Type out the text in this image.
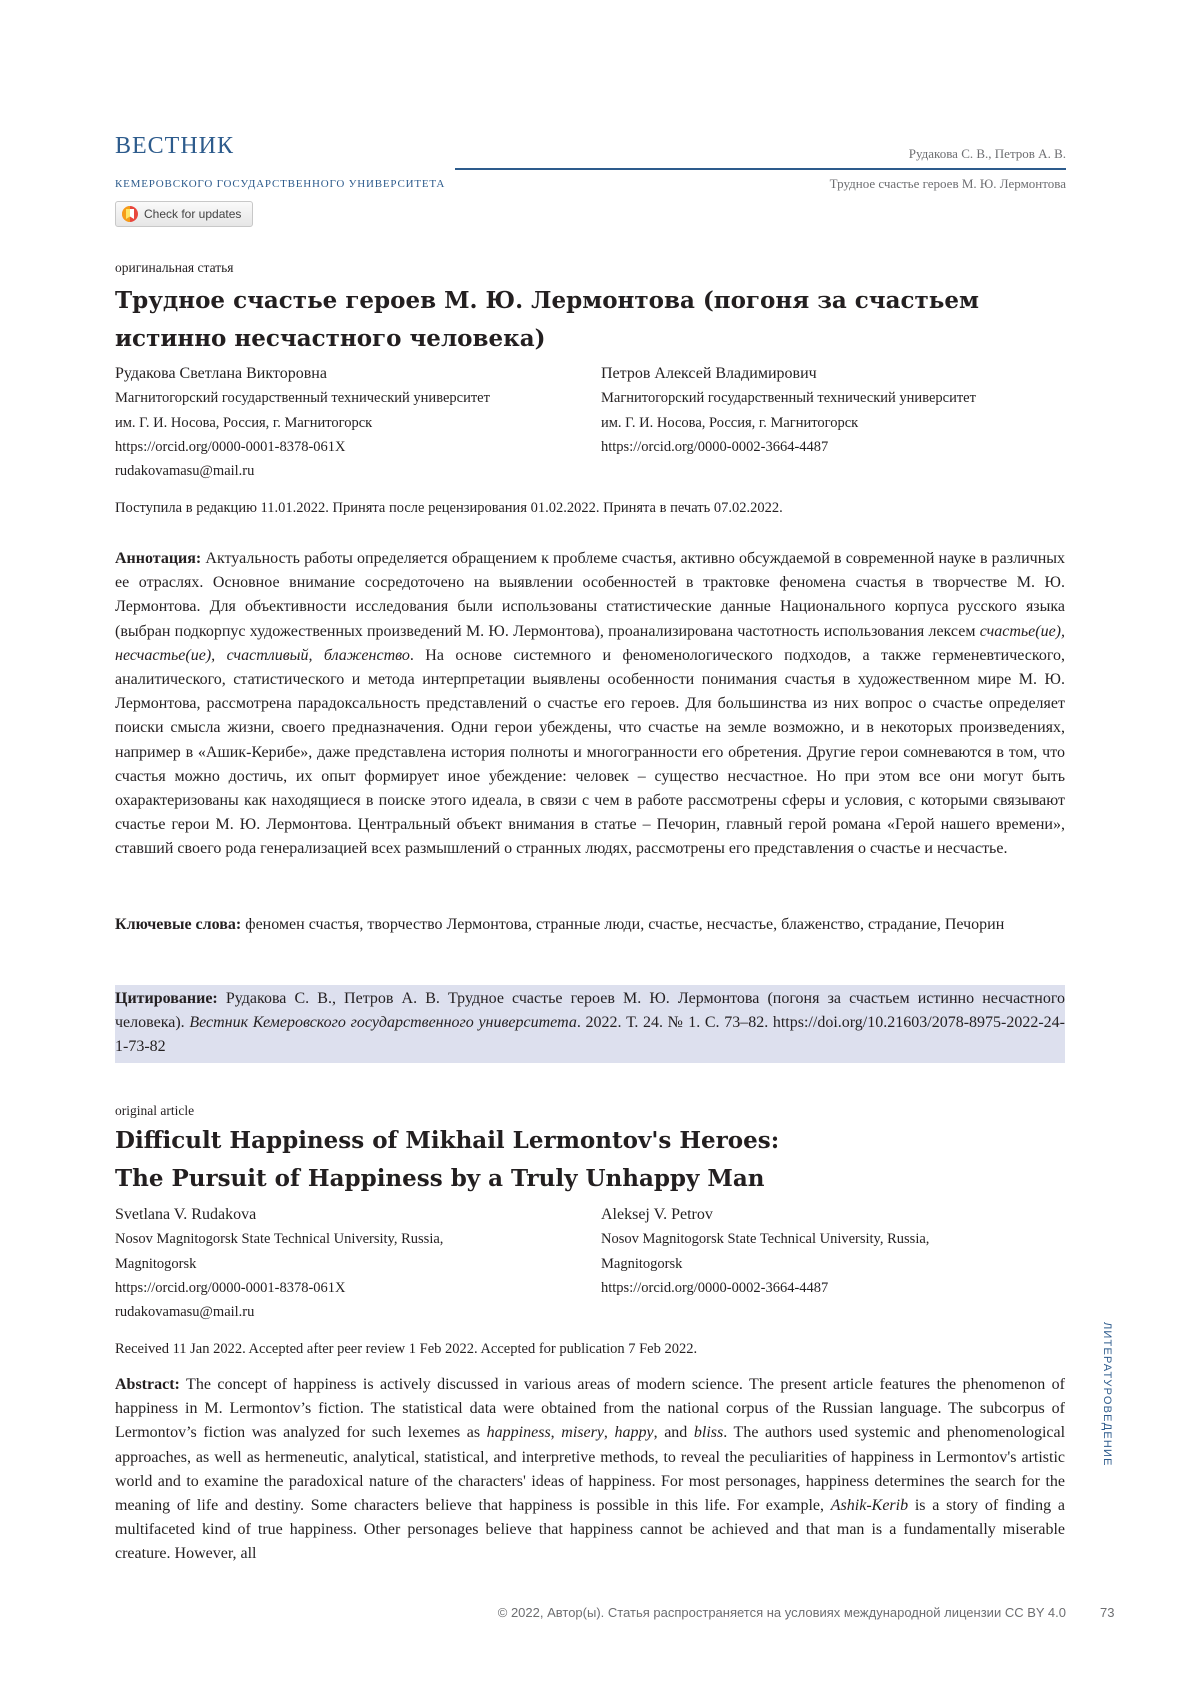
ВЕСТНИК
КЕМЕРОВСКОГО ГОСУДАРСТВЕННОГО УНИВЕРСИТЕТА
Рудакова С. В., Петров А. В.
Трудное счастье героев М. Ю. Лермонтова
Check for updates
оригинальная статья
Трудное счастье героев М. Ю. Лермонтова (погоня за счастьем
истинно несчастного человека)
Рудакова Светлана Викторовна
Магнитогорский государственный технический университет
им. Г. И. Носова, Россия, г. Магнитогорск
https://orcid.org/0000-0001-8378-061X
rudakovamasu@mail.ru
Петров Алексей Владимирович
Магнитогорский государственный технический университет
им. Г. И. Носова, Россия, г. Магнитогорск
https://orcid.org/0000-0002-3664-4487
Поступила в редакцию 11.01.2022. Принята после рецензирования 01.02.2022. Принята в печать 07.02.2022.

Аннотация: Актуальность работы определяется обращением к проблеме счастья, активно обсуждаемой в современной науке в различных ее отраслях. Основное внимание сосредоточено на выявлении особенностей в трактовке феномена счастья в творчестве М. Ю. Лермонтова. Для объективности исследования были использованы статистические данные Национального корпуса русского языка (выбран подкорпус художественных произведений М. Ю. Лермонтова), проанализирована частотность использования лексем счастье(ие), несчастье(ие), счастливый, блаженство. На основе системного и феноменологического подходов, а также герменевтического, аналитического, статистического и метода интерпретации выявлены особенности понимания счастья в художественном мире М. Ю. Лермонтова, рассмотрена парадоксальность представлений о счастье его героев. Для большинства из них вопрос о счастье определяет поиски смысла жизни, своего предназначения. Одни герои убеждены, что счастье на земле возможно, и в некоторых произведениях, например в «Ашик-Керибе», даже представлена история полноты и многогранности его обретения. Другие герои сомневаются в том, что счастья можно достичь, их опыт формирует иное убеждение: человек – существо несчастное. Но при этом все они могут быть охарактеризованы как находящиеся в поиске этого идеала, в связи с чем в работе рассмотрены сферы и условия, с которыми связывают счастье герои М. Ю. Лермонтова. Центральный объект внимания в статье – Печорин, главный герой романа «Герой нашего времени», ставший своего рода генерализацией всех размышлений о странных людях, рассмотрены его представления о счастье и несчастье.

Ключевые слова: феномен счастья, творчество Лермонтова, странные люди, счастье, несчастье, блаженство, страдание, Печорин

Цитирование: Рудакова С. В., Петров А. В. Трудное счастье героев М. Ю. Лермонтова (погоня за счастьем истинно несчастного человека). Вестник Кемеровского государственного университета. 2022. Т. 24. № 1. С. 73–82. https://doi.org/10.21603/2078-8975-2022-24-1-73-82

original article
Difficult Happiness of Mikhail Lermontov's Heroes:
The Pursuit of Happiness by a Truly Unhappy Man
Svetlana V. Rudakova
Nosov Magnitogorsk State Technical University, Russia,
Magnitogorsk
https://orcid.org/0000-0001-8378-061X
rudakovamasu@mail.ru
Aleksej V. Petrov
Nosov Magnitogorsk State Technical University, Russia,
Magnitogorsk
https://orcid.org/0000-0002-3664-4487
Received 11 Jan 2022. Accepted after peer review 1 Feb 2022. Accepted for publication 7 Feb 2022.

Abstract: The concept of happiness is actively discussed in various areas of modern science. The present article features the phenomenon of happiness in M. Lermontov’s fiction. The statistical data were obtained from the national corpus of the Russian language. The subcorpus of Lermontov’s fiction was analyzed for such lexemes as happiness, misery, happy, and bliss. The authors used systemic and phenomenological approaches, as well as hermeneutic, analytical, statistical, and interpretive methods, to reveal the peculiarities of happiness in Lermontov's artistic world and to examine the paradoxical nature of the characters' ideas of happiness. For most personages, happiness determines the search for the meaning of life and destiny. Some characters believe that happiness is possible in this life. For example, Ashik-Kerib is a story of finding a multifaceted kind of true happiness. Other personages believe that happiness cannot be achieved and that man is a fundamentally miserable creature. However, all

ЛИТЕРАТУРОВЕДЕНИЕ
© 2022, Автор(ы). Статья распространяется на условиях международной лицензии CC BY 4.0	73
